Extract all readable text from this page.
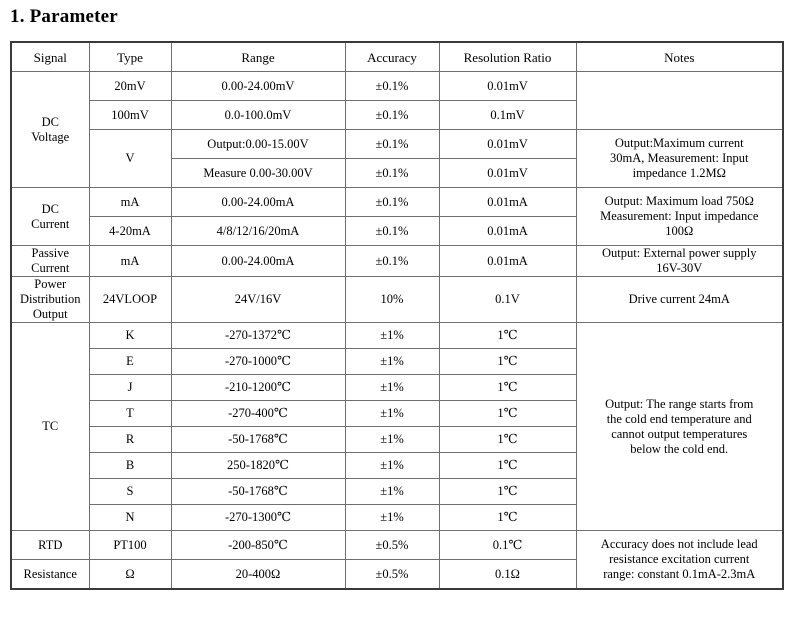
1. Parameter
Signal	Type	Range	Accuracy	Resolution Ratio	Notes

DC
Voltage	20mV	0.00-24.00mV	±0.1%	0.01mV	
	100mV	0.0-100.0mV	±0.1%	0.1mV	
	V	Output:0.00-15.00V	±0.1%	0.01mV	Output:Maximum current
30mA, Measurement: Input
impedance 1.2MΩ

		Measure 0.00-30.00V	±0.1%	0.01mV	

DC
Current	mA	0.00-24.00mA	±0.1%	0.01mA	Output: Maximum load 750Ω
Measurement: Input impedance
100Ω

	4-20mA	4/8/12/16/20mA	±0.1%	0.01mA	

Passive
Current	mA	0.00-24.00mA	±0.1%	0.01mA	Output: External power supply
16V-30V

Power
Distribution
Output	24VLOOP	24V/16V	10%	0.1V	Drive current 24mA

TC	K	-270-1372℃	±1%	1℃	Output: The range starts from
the cold end temperature and
cannot output temperatures
below the cold end.

	E	-270-1000℃	±1%	1℃	
	J	-210-1200℃	±1%	1℃	
	T	-270-400℃	±1%	1℃	
	R	-50-1768℃	±1%	1℃	
	B	250-1820℃	±1%	1℃	
	S	-50-1768℃	±1%	1℃	
	N	-270-1300℃	±1%	1℃	
RTD	PT100	-200-850℃	±0.5%	0.1℃	Accuracy does not include lead
resistance excitation current
range: constant 0.1mA-2.3mA

Resistance	Ω	20-400Ω	±0.5%	0.1Ω	
